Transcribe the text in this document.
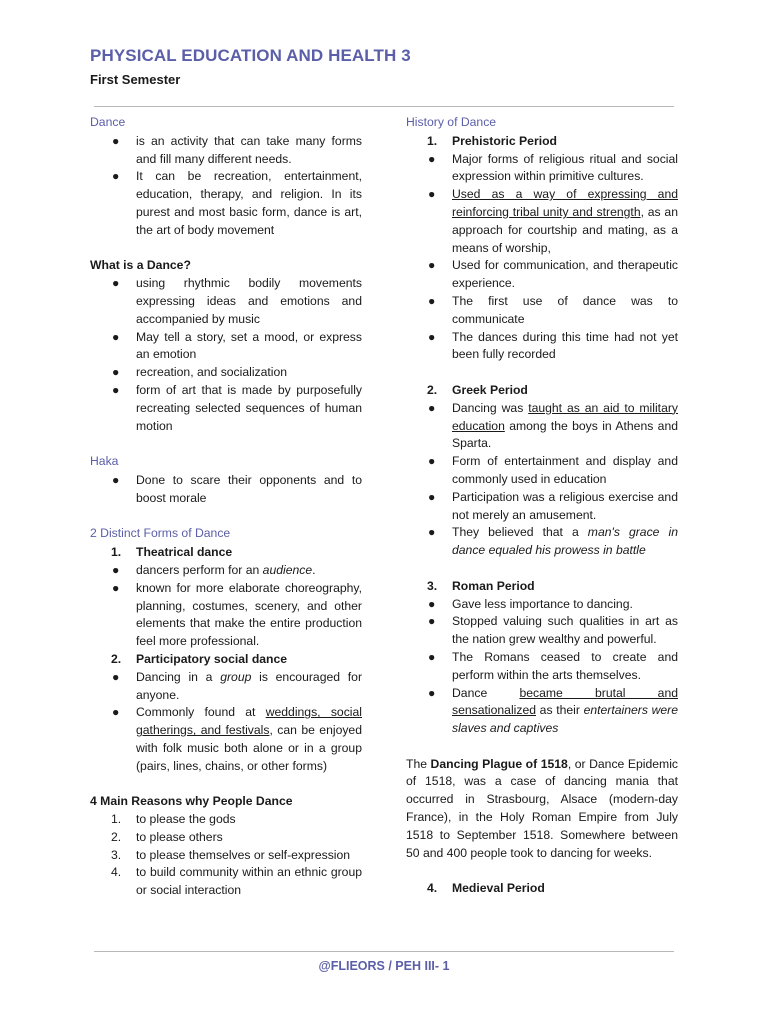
PHYSICAL EDUCATION AND HEALTH 3
First Semester
Dance
●	is an activity that can take many forms and fill many different needs.
●	It can be recreation, entertainment, education, therapy, and religion. In its purest and most basic form, dance is art, the art of body movement
What is a Dance?
●	using rhythmic bodily movements expressing ideas and emotions and accompanied by music
●	May tell a story, set a mood, or express an emotion
●	recreation, and socialization
●	form of art that is made by purposefully recreating selected sequences of human motion
Haka
●	Done to scare their opponents and to boost morale
2 Distinct Forms of Dance
1.	Theatrical dance
●	dancers perform for an audience.
●	known for more elaborate choreography, planning, costumes, scenery, and other elements that make the entire production feel more professional.
2.	Participatory social dance
●	Dancing in a group is encouraged for anyone.
●	Commonly found at weddings, social gatherings, and festivals, can be enjoyed with folk music both alone or in a group (pairs, lines, chains, or other forms)
4 Main Reasons why People Dance
1.	to please the gods
2.	to please others
3.	to please themselves or self-expression
4.	to build community within an ethnic group or social interaction
History of Dance
1.	Prehistoric Period
●	Major forms of religious ritual and social expression within primitive cultures.
●	Used as a way of expressing and reinforcing tribal unity and strength, as an approach for courtship and mating, as a means of worship,
●	Used for communication, and therapeutic experience.
●	The first use of dance was to communicate
●	The dances during this time had not yet been fully recorded
2.	Greek Period
●	Dancing was taught as an aid to military education among the boys in Athens and Sparta.
●	Form of entertainment and display and commonly used in education
●	Participation was a religious exercise and not merely an amusement.
●	They believed that a man's grace in dance equaled his prowess in battle
3.	Roman Period
●	Gave less importance to dancing.
●	Stopped valuing such qualities in art as the nation grew wealthy and powerful.
●	The Romans ceased to create and perform within the arts themselves.
●	Dance became brutal and sensationalized as their entertainers were slaves and captives
The Dancing Plague of 1518, or Dance Epidemic of 1518, was a case of dancing mania that occurred in Strasbourg, Alsace (modern-day France), in the Holy Roman Empire from July 1518 to September 1518. Somewhere between 50 and 400 people took to dancing for weeks.
4.	Medieval Period
@FLIEORS / PEH III- 1
